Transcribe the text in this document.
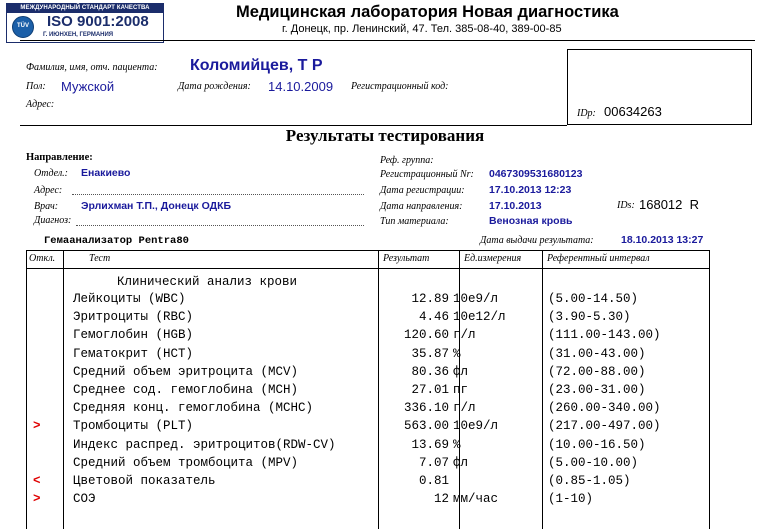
МЕЖДУНАРОДНЫЙ СТАНДАРТ КАЧЕСТВА
TÜV	ISO 9001:2008
Г. ИЮНХЕН, ГЕРМАНИЯ
Медицинская лаборатория Новая диагностика
г. Донецк, пр. Ленинский, 47. Тел. 385-08-40, 389-00-85
Фамилия, имя, отч. пациента: Коломийцев, Т Р
Пол: Мужской	Дата рождения: 14.10.2009 Регистрационный код:
Адрес:
IDp: 00634263
Результаты тестирования
Направление:
Отдел.: Енакиево
Адрес:
Врач: Эрлихман Т.П., Донецк ОДКБ
Диагноз:
Реф. группа:
Регистрационный Nr: 0467309531680123
Дата регистрации: 17.10.2013 12:23
Дата направления:	17.10.2013
Тип материала:	Венозная кровь
IDs: 168012  R
Гемаанализатор Pentra80	Дата выдачи результата:	18.10.2013 13:27
Откл.	Тест	Результат	Ед.измерения	Референтный интервал
Клинический анализ крови
Лейкоциты (WBC)	12.89 10e9/л	(5.00-14.50)
Эритроциты (RBC)	4.46 10e12/л	(3.90-5.30)
Гемоглобин (HGB)	120.60 г/л	(111.00-143.00)
Гематокрит (HCT)	35.87 %	(31.00-43.00)
Средний объем эритроцита (MCV)	80.36 фл	(72.00-88.00)
Среднее сод. гемоглобина (MCH)	27.01 пг	(23.00-31.00)
Средняя конц. гемоглобина (MCHC)	336.10 г/л	(260.00-340.00)
>	Тромбоциты (PLT)	563.00 10e9/л	(217.00-497.00)
Индекс распред. эритроцитов(RDW-CV)	13.69 %	(10.00-16.50)
Средний объем тромбоцита (MPV)	7.07 фл	(5.00-10.00)
<	Цветовой показатель	0.81	(0.85-1.05)
>	СОЭ	12 мм/час	(1-10)
